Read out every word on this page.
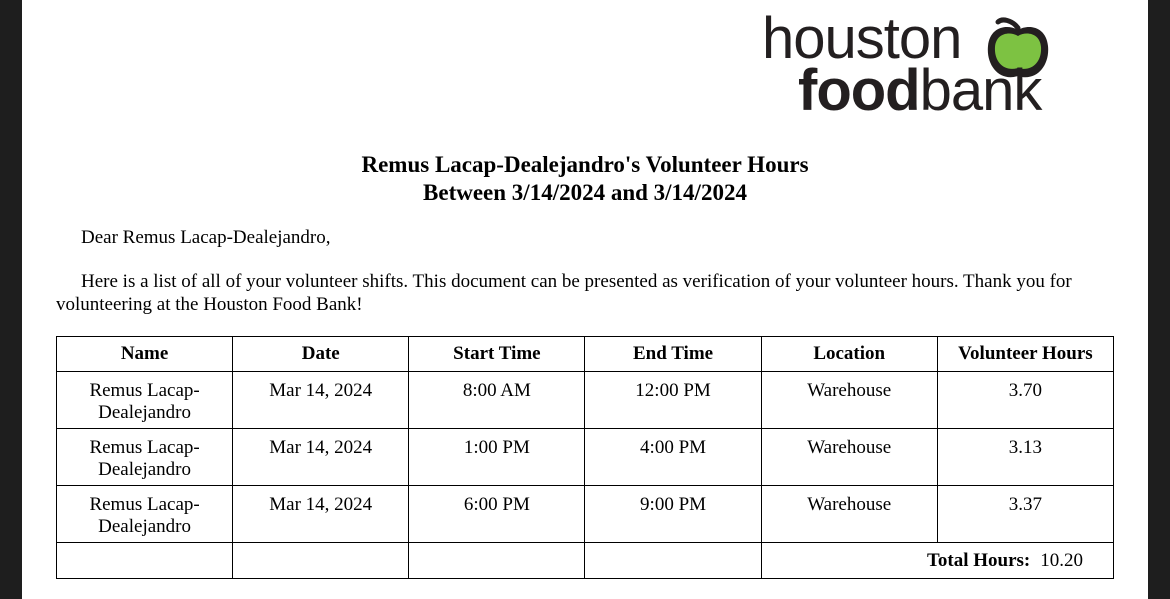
houston
foodbank
Remus Lacap-Dealejandro's Volunteer Hours
Between 3/14/2024 and 3/14/2024
Dear Remus Lacap-Dealejandro,
Here is a list of all of your volunteer shifts. This document can be presented as verification of your volunteer hours. Thank you for volunteering at the Houston Food Bank!
Name	Date	Start Time	End Time	Location	Volunteer Hours
Remus Lacap-
Dealejandro	Mar 14, 2024	8:00 AM	12:00 PM	Warehouse	3.70
Remus Lacap-
Dealejandro	Mar 14, 2024	1:00 PM	4:00 PM	Warehouse	3.13
Remus Lacap-
Dealejandro	Mar 14, 2024	6:00 PM	9:00 PM	Warehouse	3.37
				Total Hours: 10.20	
